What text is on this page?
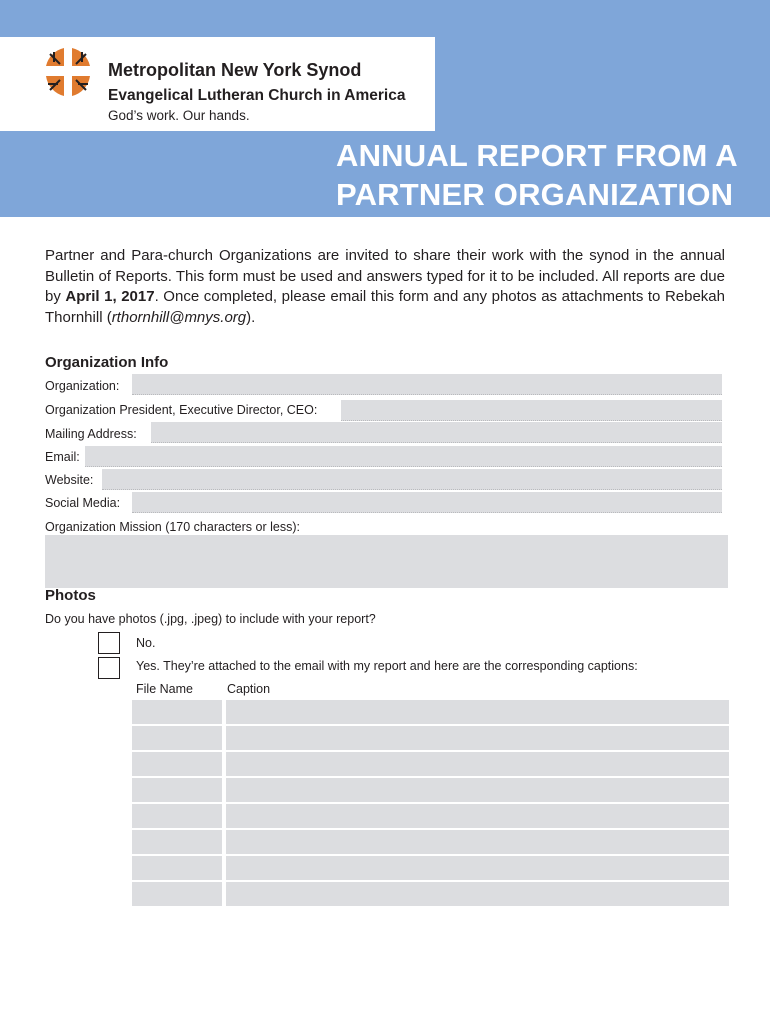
Metropolitan New York Synod
Evangelical Lutheran Church in America
God’s work. Our hands.
ANNUAL REPORT FROM A
PARTNER ORGANIZATION
Partner and Para-church Organizations are invited to share their work with the synod in the annual Bulletin of Reports. This form must be used and answers typed for it to be included. All reports are due by April 1, 2017. Once completed, please email this form and any photos as attachments to Rebekah Thornhill (rthornhill@mnys.org).
Organization Info
Organization:
Organization President, Executive Director, CEO:
Mailing Address:
Email:
Website:
Social Media:
Organization Mission (170 characters or less):
Photos
Do you have photos (.jpg, .jpeg) to include with your report?
No.
Yes. They’re attached to the email with my report and here are the corresponding captions:
File Name	Caption
